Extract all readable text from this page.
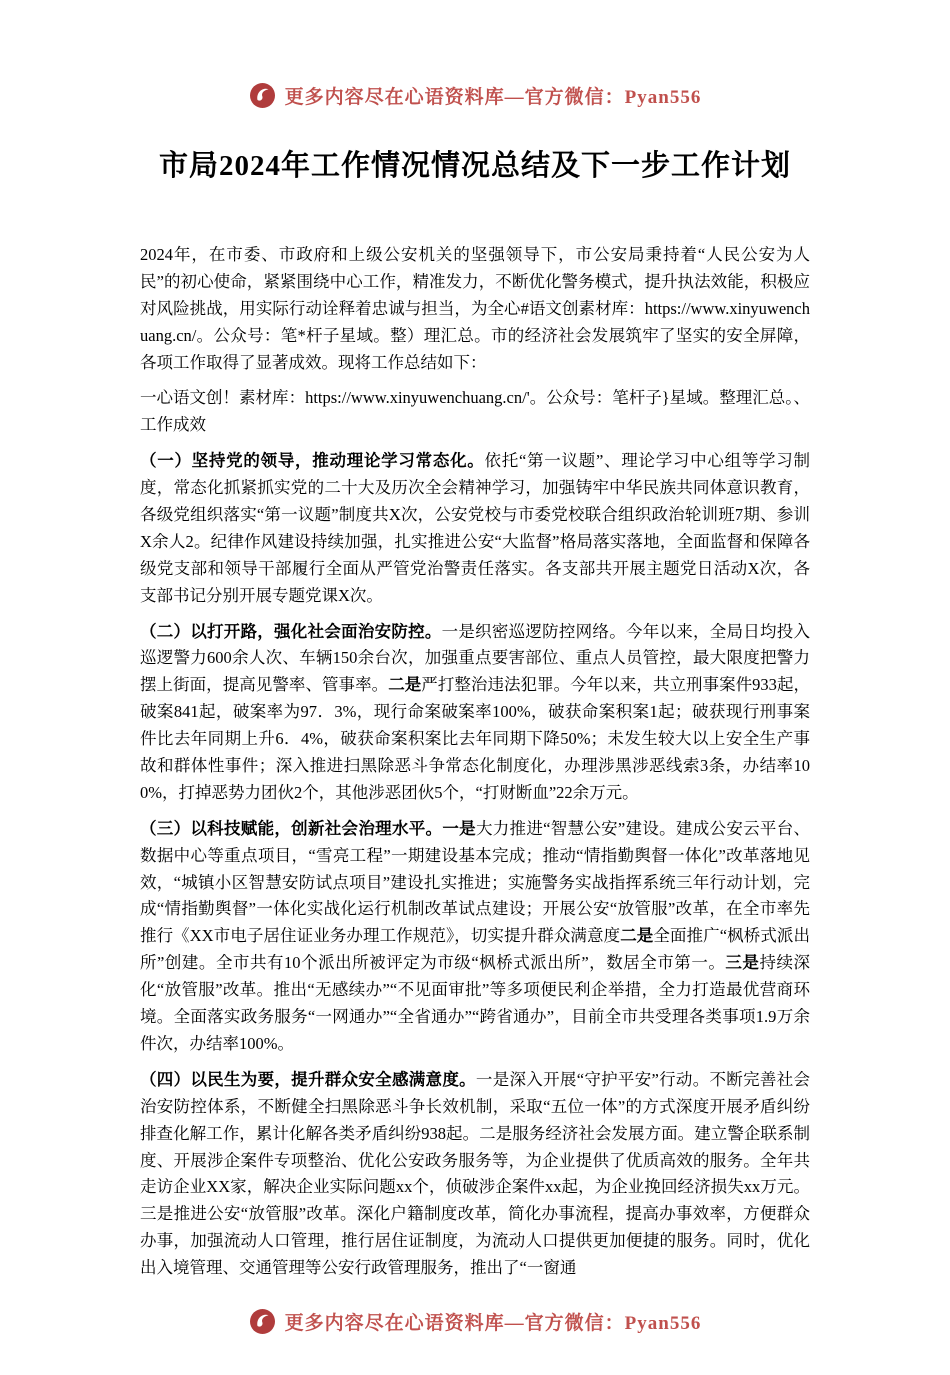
更多内容尽在心语资料库—官方微信：Pyan556
市局2024年工作情况情况总结及下一步工作计划

2024年，在市委、市政府和上级公安机关的坚强领导下，市公安局秉持着“人民公安为人民”的初心使命，紧紧围绕中心工作，精准发力，不断优化警务模式，提升执法效能，积极应对风险挑战，用实际行动诠释着忠诚与担当，为全心#语文创素材库：https://www.xinyuwenchuang.cn/。公众号：笔*杆子星域。整）理汇总。市的经济社会发展筑牢了坚实的安全屏障，各项工作取得了显著成效。现将工作总结如下：

一心语文创！素材库：https://www.xinyuwenchuang.cn/'。公众号：笔杆子}星域。整理汇总。、工作成效

（一）坚持党的领导，推动理论学习常态化。依托“第一议题”、理论学习中心组等学习制度，常态化抓紧抓实党的二十大及历次全会精神学习，加强铸牢中华民族共同体意识教育，各级党组织落实“第一议题”制度共X次，公安党校与市委党校联合组织政治轮训班7期、参训X余人2。纪律作风建设持续加强，扎实推进公安“大监督”格局落实落地，全面监督和保障各级党支部和领导干部履行全面从严管党治警责任落实。各支部共开展主题党日活动X次，各支部书记分别开展专题党课X次。

（二）以打开路，强化社会面治安防控。一是织密巡逻防控网络。今年以来，全局日均投入巡逻警力600余人次、车辆150余台次，加强重点要害部位、重点人员管控，最大限度把警力摆上街面，提高见警率、管事率。二是严打整治违法犯罪。今年以来，共立刑事案件933起，破案841起，破案率为97．3%，现行命案破案率100%，破获命案积案1起；破获现行刑事案件比去年同期上升6．4%，破获命案积案比去年同期下降50%；未发生较大以上安全生产事故和群体性事件；深入推进扫黑除恶斗争常态化制度化，办理涉黑涉恶线索3条，办结率100%，打掉恶势力团伙2个，其他涉恶团伙5个，“打财断血”22余万元。

（三）以科技赋能，创新社会治理水平。一是大力推进“智慧公安”建设。建成公安云平台、数据中心等重点项目，“雪亮工程”一期建设基本完成；推动“情指勤舆督一体化”改革落地见效，“城镇小区智慧安防试点项目”建设扎实推进；实施警务实战指挥系统三年行动计划，完成“情指勤舆督”一体化实战化运行机制改革试点建设；开展公安“放管服”改革，在全市率先推行《XX市电子居住证业务办理工作规范》，切实提升群众满意度二是全面推广“枫桥式派出所”创建。全市共有10个派出所被评定为市级“枫桥式派出所”，数居全市第一。三是持续深化“放管服”改革。推出“无感续办”“不见面审批”等多项便民利企举措，全力打造最优营商环境。全面落实政务服务“一网通办”“全省通办”“跨省通办”，目前全市共受理各类事项1.9万余件次，办结率100%。

（四）以民生为要，提升群众安全感满意度。一是深入开展“守护平安”行动。不断完善社会治安防控体系，不断健全扫黑除恶斗争长效机制，采取“五位一体”的方式深度开展矛盾纠纷排查化解工作，累计化解各类矛盾纠纷938起。二是服务经济社会发展方面。建立警企联系制度、开展涉企案件专项整治、优化公安政务服务等，为企业提供了优质高效的服务。全年共走访企业XX家，解决企业实际问题xx个，侦破涉企案件xx起，为企业挽回经济损失xx万元。三是推进公安“放管服”改革。深化户籍制度改革，简化办事流程，提高办事效率，方便群众办事，加强流动人口管理，推行居住证制度，为流动人口提供更加便捷的服务。同时，优化出入境管理、交通管理等公安行政管理服务，推出了“一窗通

更多内容尽在心语资料库—官方微信：Pyan556
